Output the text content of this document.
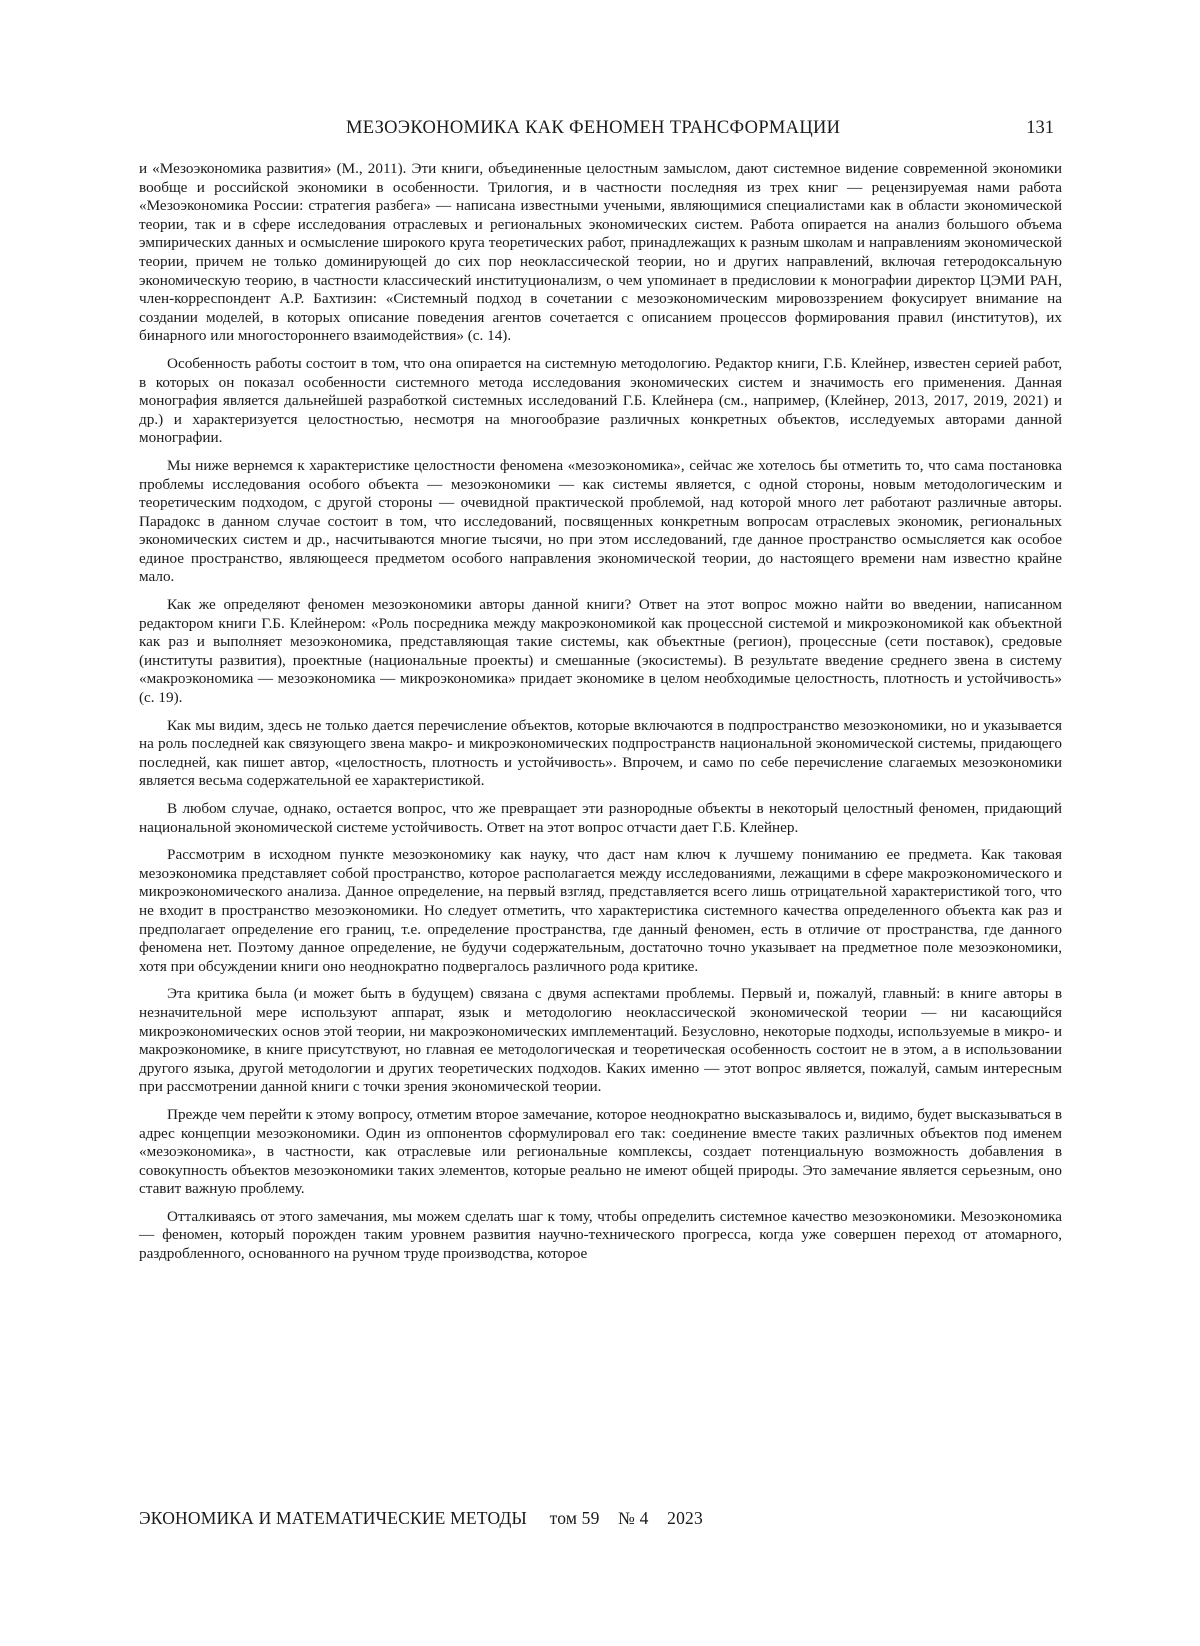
МЕЗОЭКОНОМИКА КАК ФЕНОМЕН ТРАНСФОРМАЦИИ	131

и «Мезоэкономика развития» (М., 2011). Эти книги, объединенные целостным замыслом, дают системное видение современной экономики вообще и российской экономики в особенности. Трилогия, и в частности последняя из трех книг — рецензируемая нами работа «Мезоэкономика России: стратегия разбега» — написана известными учеными, являющимися специалистами как в области экономической теории, так и в сфере исследования отраслевых и региональных экономических систем. Работа опирается на анализ большого объема эмпирических данных и осмысление широкого круга теоретических работ, принадлежащих к разным школам и направлениям экономической теории, причем не только доминирующей до сих пор неоклассической теории, но и других направлений, включая гетеродоксальную экономическую теорию, в частности классический институционализм, о чем упоминает в предисловии к монографии директор ЦЭМИ РАН, член-корреспондент А.Р. Бахтизин: «Системный подход в сочетании с мезоэкономическим мировоззрением фокусирует внимание на создании моделей, в которых описание поведения агентов сочетается с описанием процессов формирования правил (институтов), их бинарного или многостороннего взаимодействия» (с. 14).

Особенность работы состоит в том, что она опирается на системную методологию. Редактор книги, Г.Б. Клейнер, известен серией работ, в которых он показал особенности системного метода исследования экономических систем и значимость его применения. Данная монография является дальнейшей разработкой системных исследований Г.Б. Клейнера (см., например, (Клейнер, 2013, 2017, 2019, 2021) и др.) и характеризуется целостностью, несмотря на многообразие различных конкретных объектов, исследуемых авторами данной монографии.

Мы ниже вернемся к характеристике целостности феномена «мезоэкономика», сейчас же хотелось бы отметить то, что сама постановка проблемы исследования особого объекта — мезоэкономики — как системы является, с одной стороны, новым методологическим и теоретическим подходом, с другой стороны — очевидной практической проблемой, над которой много лет работают различные авторы. Парадокс в данном случае состоит в том, что исследований, посвященных конкретным вопросам отраслевых экономик, региональных экономических систем и др., насчитываются многие тысячи, но при этом исследований, где данное пространство осмысляется как особое единое пространство, являющееся предметом особого направления экономической теории, до настоящего времени нам известно крайне мало.

Как же определяют феномен мезоэкономики авторы данной книги? Ответ на этот вопрос можно найти во введении, написанном редактором книги Г.Б. Клейнером: «Роль посредника между макроэкономикой как процессной системой и микроэкономикой как объектной как раз и выполняет мезоэкономика, представляющая такие системы, как объектные (регион), процессные (сети поставок), средовые (институты развития), проектные (национальные проекты) и смешанные (экосистемы). В результате введение среднего звена в систему «макроэкономика — мезоэкономика — микроэкономика» придает экономике в целом необходимые целостность, плотность и устойчивость» (с. 19).

Как мы видим, здесь не только дается перечисление объектов, которые включаются в подпространство мезоэкономики, но и указывается на роль последней как связующего звена макро- и микроэкономических подпространств национальной экономической системы, придающего последней, как пишет автор, «целостность, плотность и устойчивость». Впрочем, и само по себе перечисление слагаемых мезоэкономики является весьма содержательной ее характеристикой.

В любом случае, однако, остается вопрос, что же превращает эти разнородные объекты в некоторый целостный феномен, придающий национальной экономической системе устойчивость. Ответ на этот вопрос отчасти дает Г.Б. Клейнер.

Рассмотрим в исходном пункте мезоэкономику как науку, что даст нам ключ к лучшему пониманию ее предмета. Как таковая мезоэкономика представляет собой пространство, которое располагается между исследованиями, лежащими в сфере макроэкономического и микроэкономического анализа. Данное определение, на первый взгляд, представляется всего лишь отрицательной характеристикой того, что не входит в пространство мезоэкономики. Но следует отметить, что характеристика системного качества определенного объекта как раз и предполагает определение его границ, т.е. определение пространства, где данный феномен, есть в отличие от пространства, где данного феномена нет. Поэтому данное определение, не будучи содержательным, достаточно точно указывает на предметное поле мезоэкономики, хотя при обсуждении книги оно неоднократно подвергалось различного рода критике.

Эта критика была (и может быть в будущем) связана с двумя аспектами проблемы. Первый и, пожалуй, главный: в книге авторы в незначительной мере используют аппарат, язык и методологию неоклассической экономической теории — ни касающийся микроэкономических основ этой теории, ни макроэкономических имплементаций. Безусловно, некоторые подходы, используемые в микро- и макроэкономике, в книге присутствуют, но главная ее методологическая и теоретическая особенность состоит не в этом, а в использовании другого языка, другой методологии и других теоретических подходов. Каких именно — этот вопрос является, пожалуй, самым интересным при рассмотрении данной книги с точки зрения экономической теории.

Прежде чем перейти к этому вопросу, отметим второе замечание, которое неоднократно высказывалось и, видимо, будет высказываться в адрес концепции мезоэкономики. Один из оппонентов сформулировал его так: соединение вместе таких различных объектов под именем «мезоэкономика», в частности, как отраслевые или региональные комплексы, создает потенциальную возможность добавления в совокупность объектов мезоэкономики таких элементов, которые реально не имеют общей природы. Это замечание является серьезным, оно ставит важную проблему.

Отталкиваясь от этого замечания, мы можем сделать шаг к тому, чтобы определить системное качество мезоэкономики. Мезоэкономика — феномен, который порожден таким уровнем развития научно-технического прогресса, когда уже совершен переход от атомарного, раздробленного, основанного на ручном труде производства, которое

ЭКОНОМИКА И МАТЕМАТИЧЕСКИЕ МЕТОДЫ том 59 № 4 2023
